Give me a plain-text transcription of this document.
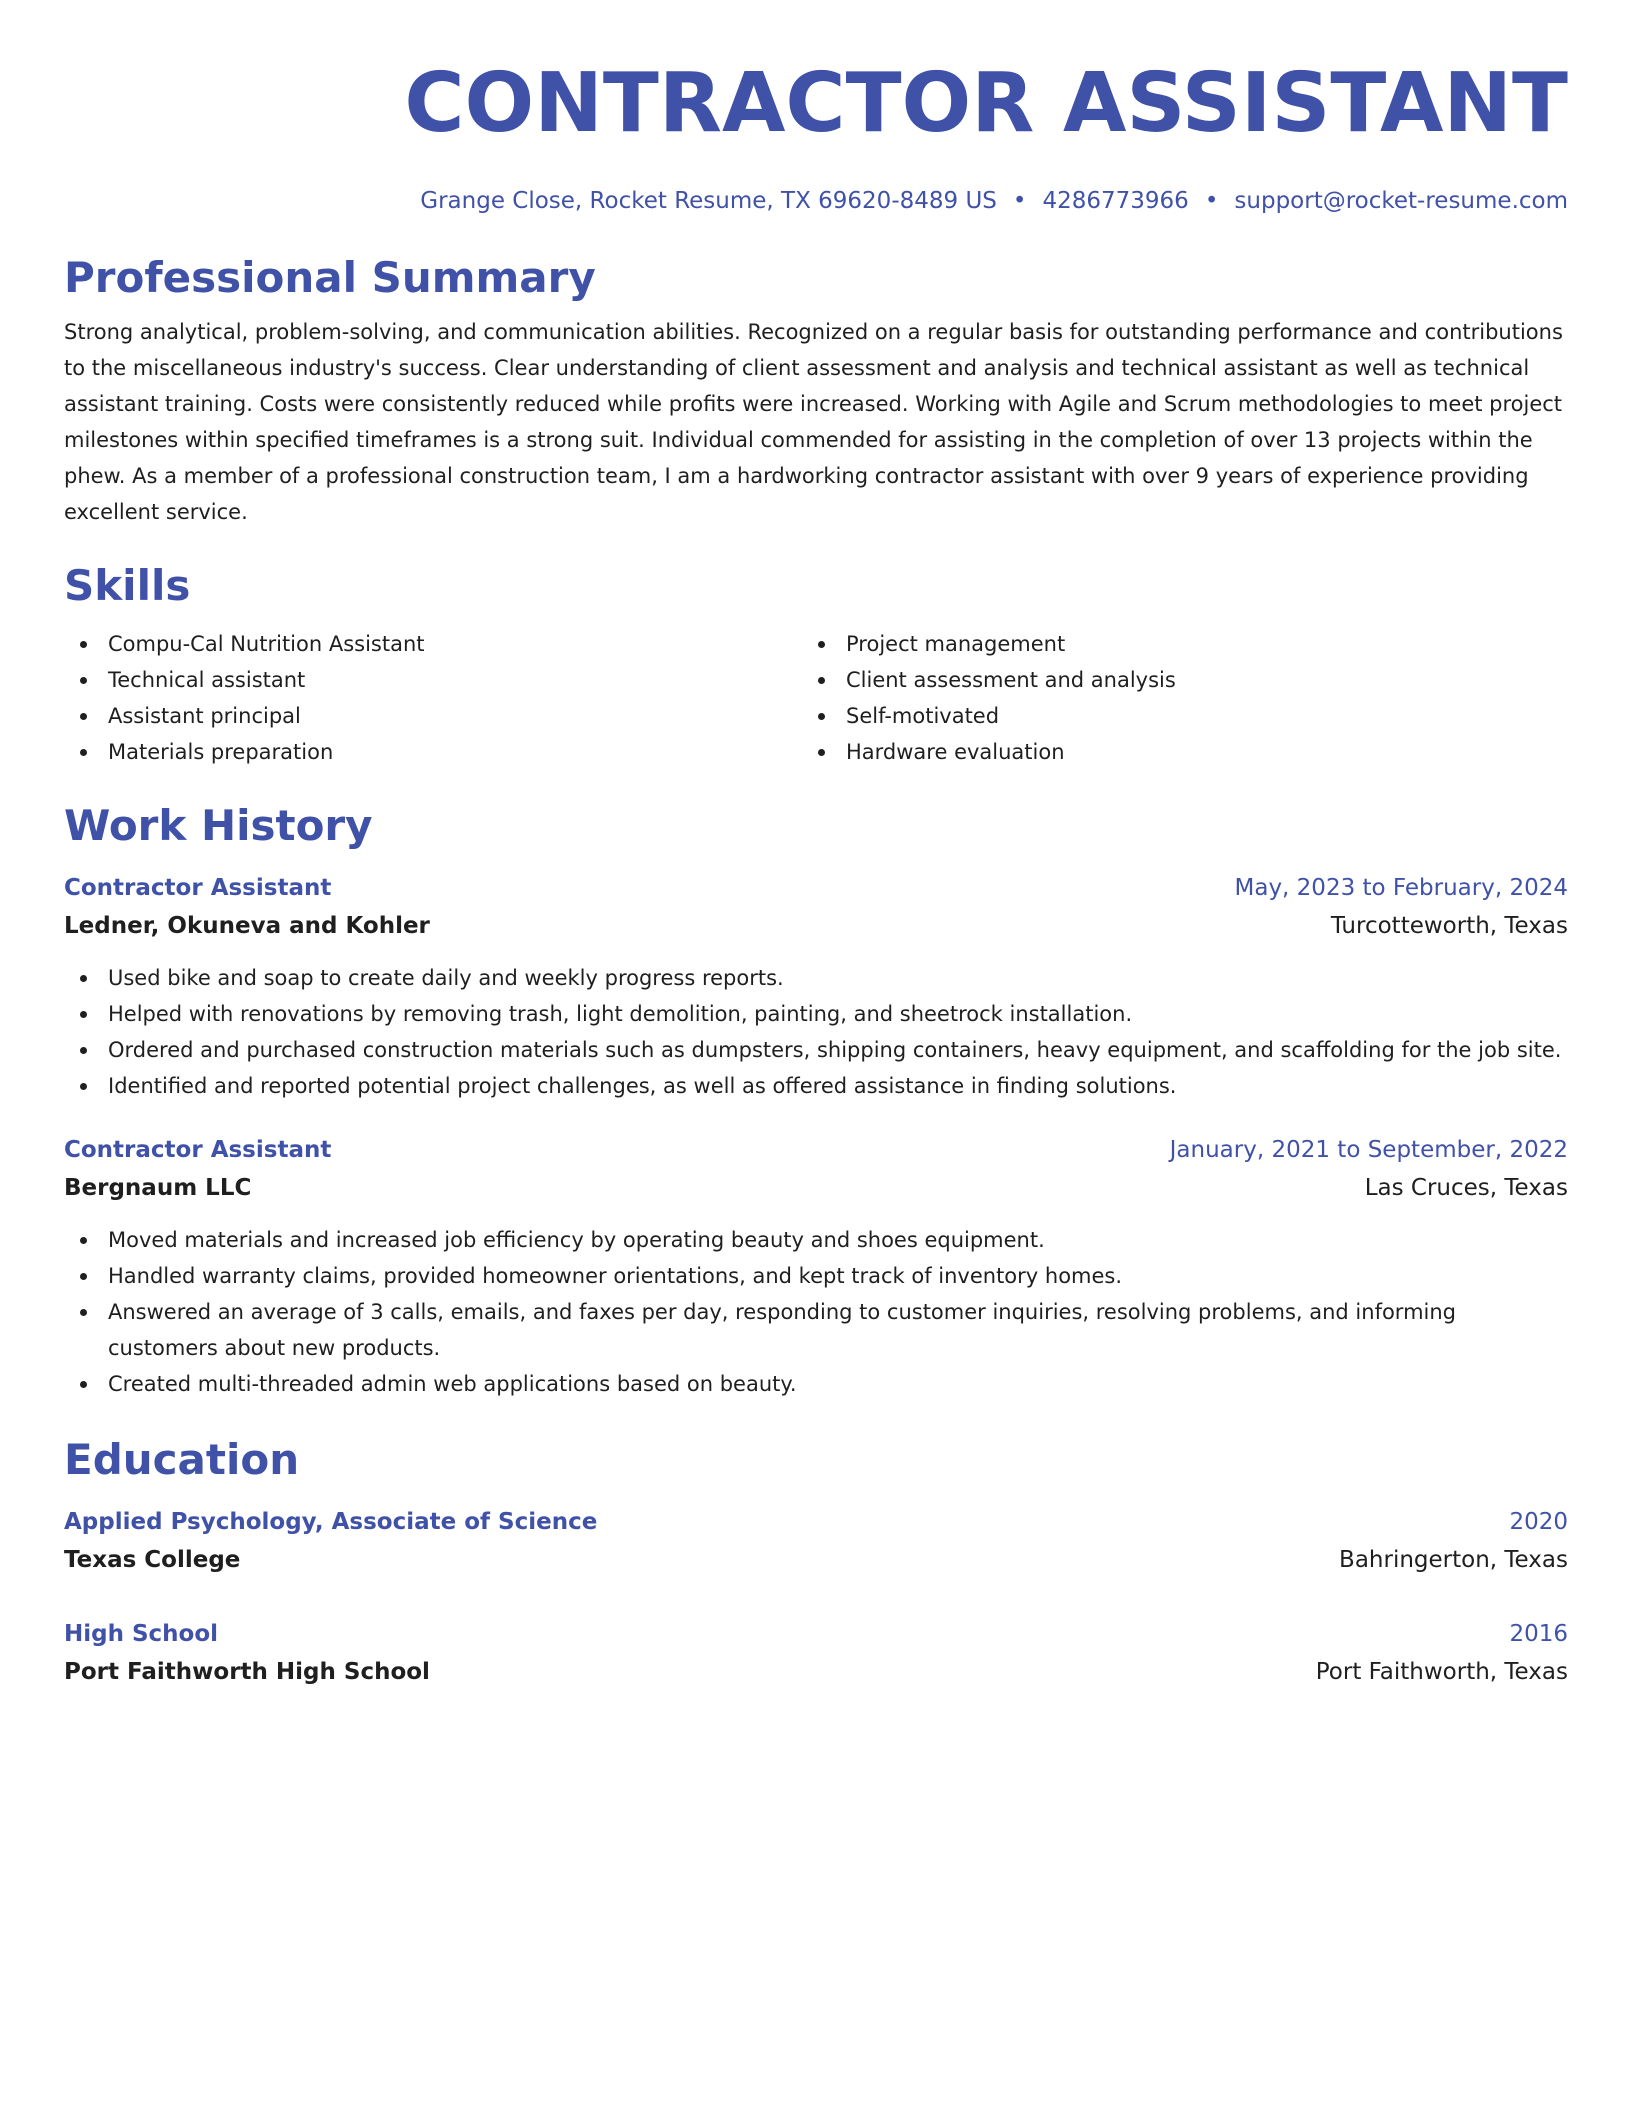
CONTRACTOR ASSISTANT
Grange Close, Rocket Resume, TX 69620-8489 US • 4286773966 • support@rocket-resume.com
Professional Summary

Strong analytical, problem-solving, and communication abilities. Recognized on a regular basis for outstanding performance and contributions to the miscellaneous industry's success. Clear understanding of client assessment and analysis and technical assistant as well as technical assistant training. Costs were consistently reduced while profits were increased. Working with Agile and Scrum methodologies to meet project milestones within specified timeframes is a strong suit. Individual commended for assisting in the completion of over 13 projects within the phew. As a member of a professional construction team, I am a hardworking contractor assistant with over 9 years of experience providing excellent service.

Skills
Compu-Cal Nutrition Assistant
Technical assistant
Assistant principal
Materials preparation
Project management
Client assessment and analysis
Self-motivated
Hardware evaluation
Work History
Contractor Assistant	May, 2023 to February, 2024
Ledner, Okuneva and Kohler	Turcotteworth, Texas
Used bike and soap to create daily and weekly progress reports.
Helped with renovations by removing trash, light demolition, painting, and sheetrock installation.
Ordered and purchased construction materials such as dumpsters, shipping containers, heavy equipment, and scaffolding for the job site.
Identified and reported potential project challenges, as well as offered assistance in finding solutions.
Contractor Assistant	January, 2021 to September, 2022
Bergnaum LLC	Las Cruces, Texas
Moved materials and increased job efficiency by operating beauty and shoes equipment.
Handled warranty claims, provided homeowner orientations, and kept track of inventory homes.
Answered an average of 3 calls, emails, and faxes per day, responding to customer inquiries, resolving problems, and informing customers about new products.
Created multi-threaded admin web applications based on beauty.
Education
Applied Psychology, Associate of Science	2020
Texas College	Bahringerton, Texas
High School	2016
Port Faithworth High School	Port Faithworth, Texas
